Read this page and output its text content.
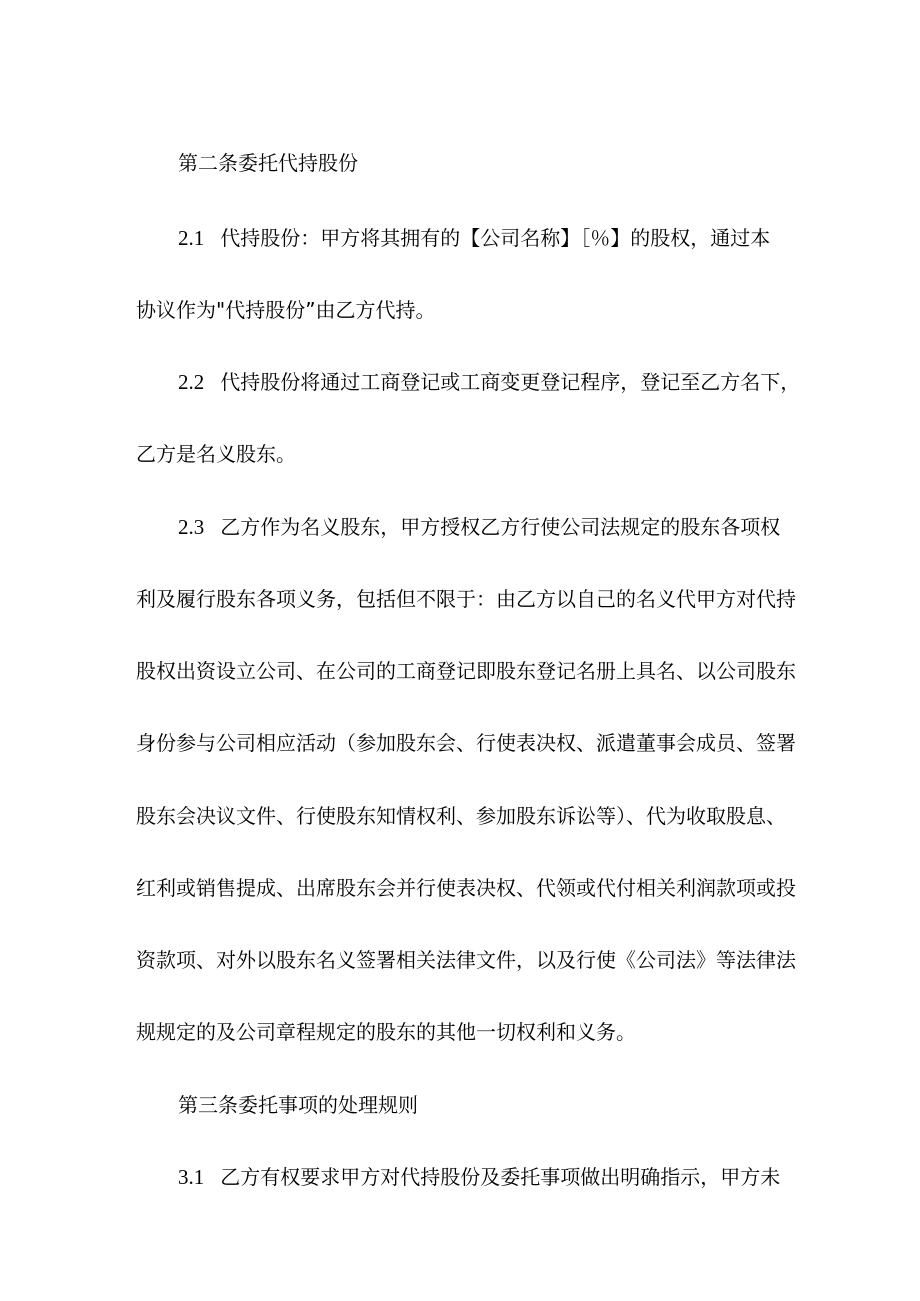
第二条委托代持股份
2.1 代持股份：甲方将其拥有的【公司名称】［％】的股权，通过本
协议作为"代持股份”由乙方代持。
2.2 代持股份将通过工商登记或工商变更登记程序，登记至乙方名下，
乙方是名义股东。
2.3 乙方作为名义股东，甲方授权乙方行使公司法规定的股东各项权
利及履行股东各项义务，包括但不限于：由乙方以自己的名义代甲方对代持
股权出资设立公司、在公司的工商登记即股东登记名册上具名、以公司股东
身份参与公司相应活动（参加股东会、行使表决权、派遣董事会成员、签署
股东会决议文件、行使股东知情权利、参加股东诉讼等）、代为收取股息、
红利或销售提成、出席股东会并行使表决权、代领或代付相关利润款项或投
资款项、对外以股东名义签署相关法律文件，以及行使《公司法》等法律法
规规定的及公司章程规定的股东的其他一切权利和义务。
第三条委托事项的处理规则
3.1 乙方有权要求甲方对代持股份及委托事项做出明确指示，甲方未
